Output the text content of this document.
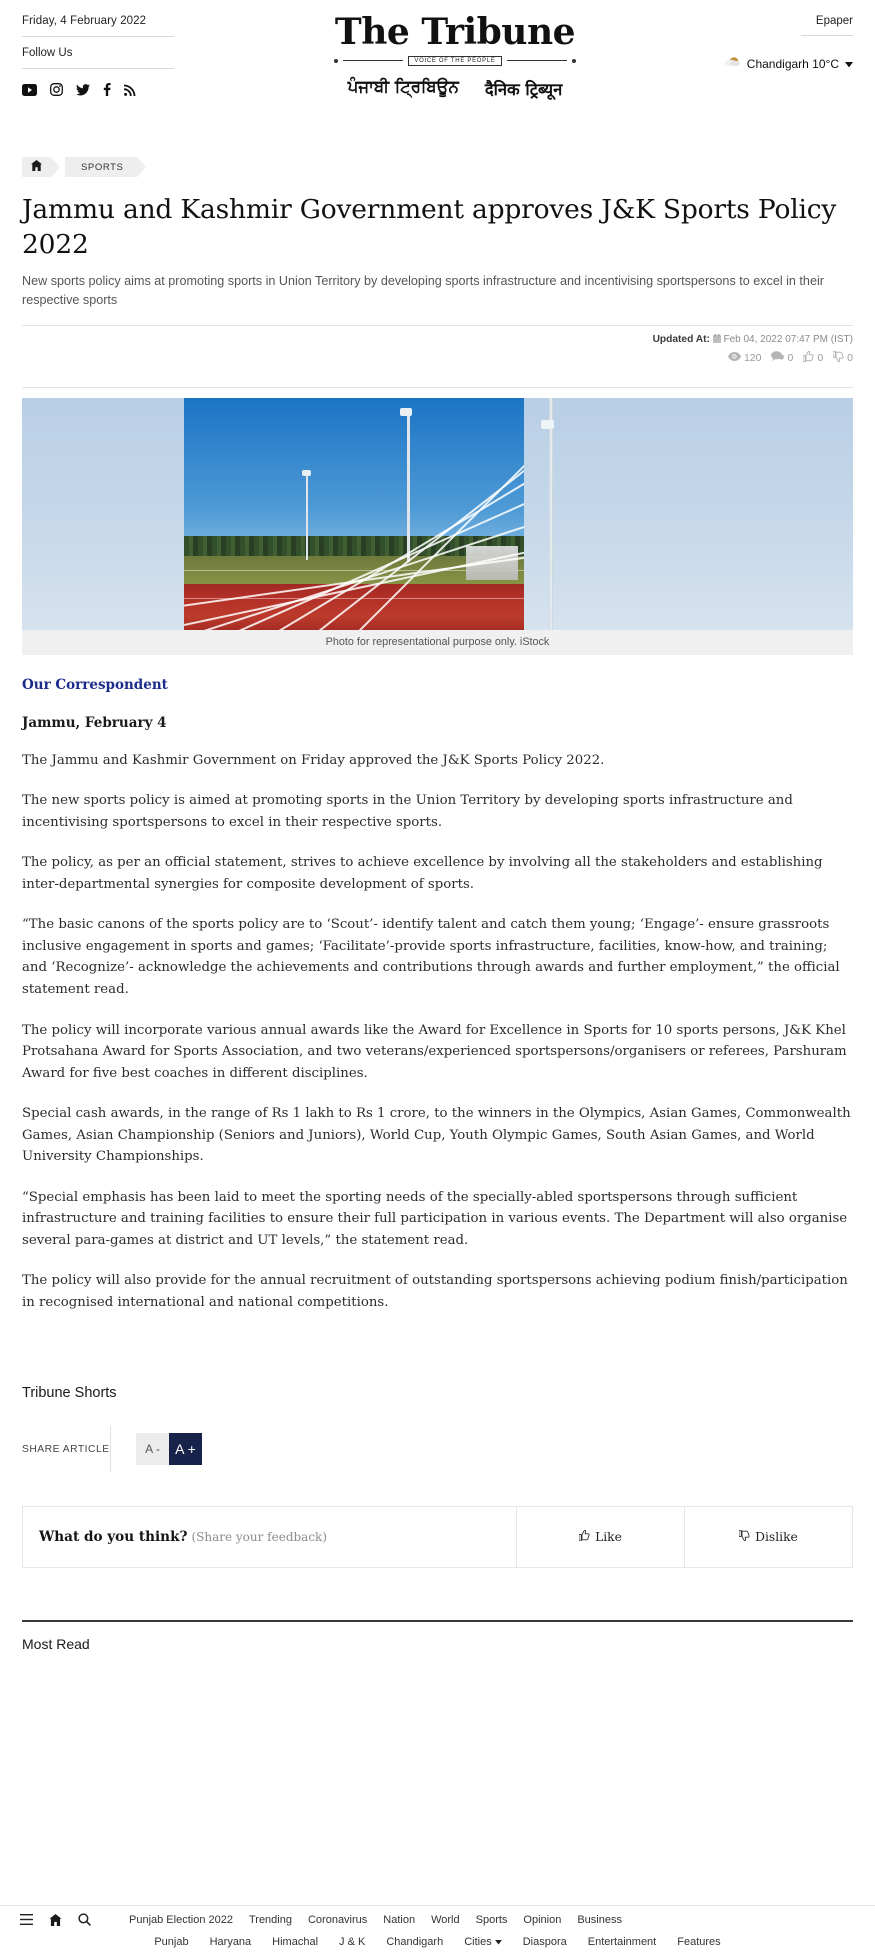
Friday, 4 February 2022
Follow Us	The Tribune
VOICE OF THE PEOPLE
ਪੰਜਾਬੀ ਟ੍ਰਿਬਿਊਨ दैनिक ट्रिब्यून
Epaper
Chandigarh 10°C
SPORTS
Jammu and Kashmir Government approves J&K Sports Policy 2022
New sports policy aims at promoting sports in Union Territory by developing sports infrastructure and incentivising sportspersons to excel in their respective sports
Updated At: Feb 04, 2022 07:47 PM (IST)
120 0 0 0
Photo for representational purpose only. iStock
Our Correspondent
Jammu, February 4

The Jammu and Kashmir Government on Friday approved the J&K Sports Policy 2022.

The new sports policy is aimed at promoting sports in the Union Territory by developing sports infrastructure and incentivising sportspersons to excel in their respective sports.

The policy, as per an official statement, strives to achieve excellence by involving all the stakeholders and establishing inter-departmental synergies for composite development of sports.

“The basic canons of the sports policy are to ‘Scout’- identify talent and catch them young; ‘Engage’- ensure grassroots inclusive engagement in sports and games; ‘Facilitate’-provide sports infrastructure, facilities, know-how, and training; and ‘Recognize’- acknowledge the achievements and contributions through awards and further employment,” the official statement read.

The policy will incorporate various annual awards like the Award for Excellence in Sports for 10 sports persons, J&K Khel Protsahana Award for Sports Association, and two veterans/experienced sportspersons/organisers or referees, Parshuram Award for five best coaches in different disciplines.

Special cash awards, in the range of Rs 1 lakh to Rs 1 crore, to the winners in the Olympics, Asian Games, Commonwealth Games, Asian Championship (Seniors and Juniors), World Cup, Youth Olympic Games, South Asian Games, and World University Championships.

“Special emphasis has been laid to meet the sporting needs of the specially-abled sportspersons through sufficient infrastructure and training facilities to ensure their full participation in various events. The Department will also organise several para-games at district and UT levels,” the statement read.

The policy will also provide for the annual recruitment of outstanding sportspersons achieving podium finish/participation in recognised international and national competitions.

Tribune Shorts
SHARE ARTICLE	A -	A +
What do you think? (Share your feedback)	Like	Dislike
Most Read
Punjab Election 2022 Trending Coronavirus Nation World Sports Opinion Business
Punjab Haryana Himachal J & K Chandigarh Cities	Diaspora Entertainment Features
